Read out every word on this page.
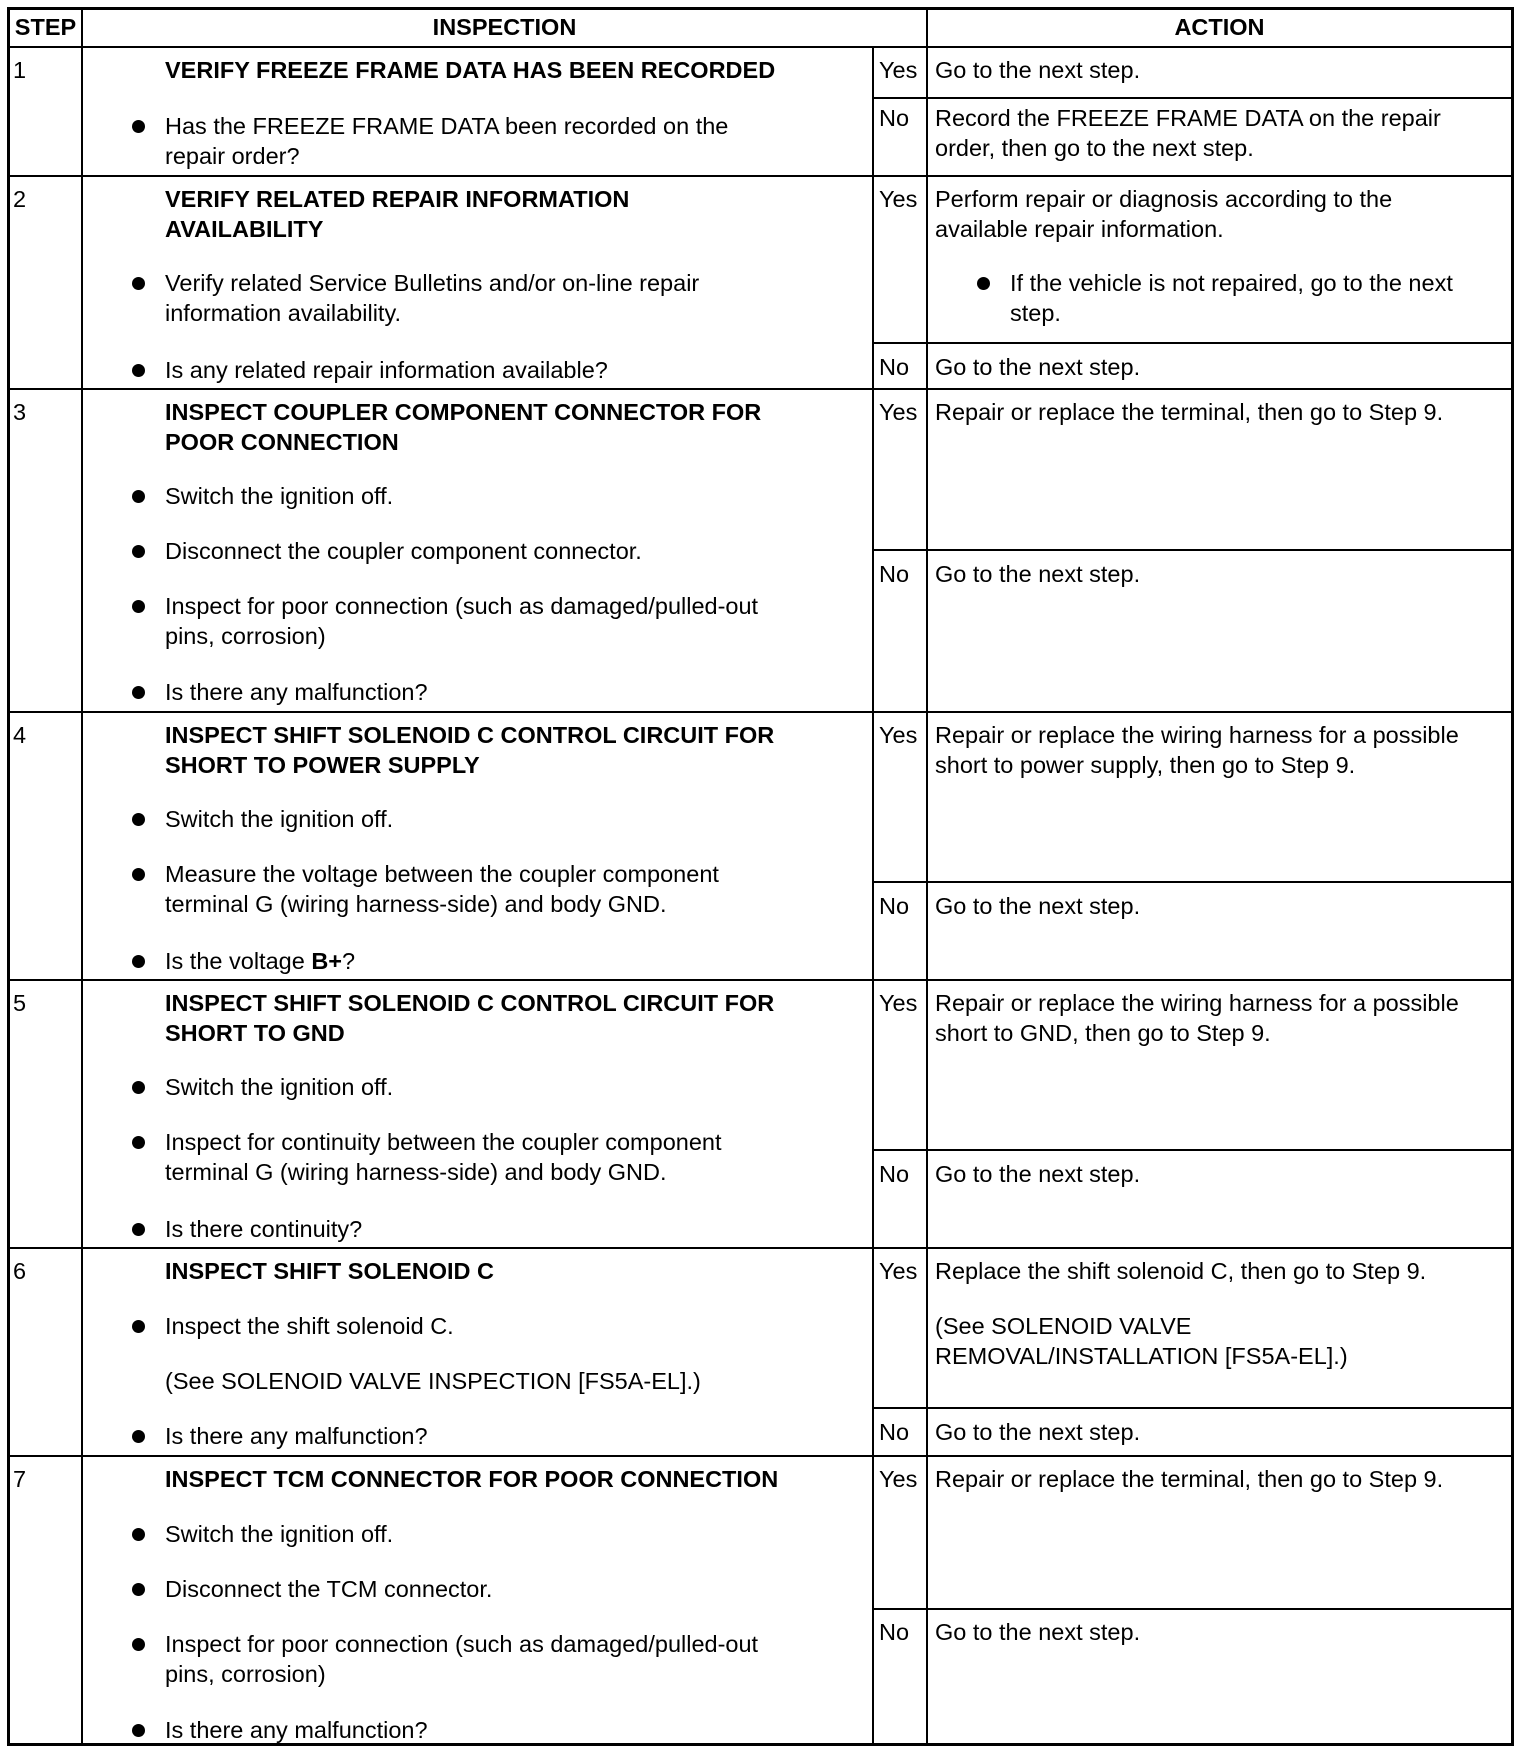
STEP	INSPECTION	ACTION
1	VERIFY FREEZE FRAME DATA HAS BEEN RECORDED
Has the FREEZE FRAME DATA been recorded on the
repair order?
Yes Go to the next step.
No Record the FREEZE FRAME DATA on the repair
order, then go to the next step.
2	VERIFY RELATED REPAIR INFORMATION
AVAILABILITY
Verify related Service Bulletins and/or on-line repair
information availability.
Is any related repair information available?
Yes Perform repair or diagnosis according to the
available repair information.
If the vehicle is not repaired, go to the next
step.
No Go to the next step.
3	INSPECT COUPLER COMPONENT CONNECTOR FOR
POOR CONNECTION
Switch the ignition off.
Disconnect the coupler component connector.
Inspect for poor connection (such as damaged/pulled-out
pins, corrosion)
Is there any malfunction?
Yes Repair or replace the terminal, then go to Step 9.
No Go to the next step.
4	INSPECT SHIFT SOLENOID C CONTROL CIRCUIT FOR
SHORT TO POWER SUPPLY
Switch the ignition off.
Measure the voltage between the coupler component
terminal G (wiring harness-side) and body GND.
Is the voltage B+?
Yes Repair or replace the wiring harness for a possible
short to power supply, then go to Step 9.
No Go to the next step.
5	INSPECT SHIFT SOLENOID C CONTROL CIRCUIT FOR
SHORT TO GND
Switch the ignition off.
Inspect for continuity between the coupler component
terminal G (wiring harness-side) and body GND.
Is there continuity?
Yes Repair or replace the wiring harness for a possible
short to GND, then go to Step 9.
No Go to the next step.
6	INSPECT SHIFT SOLENOID C
Inspect the shift solenoid C.
(See SOLENOID VALVE INSPECTION [FS5A-EL].)
Is there any malfunction?
Yes Replace the shift solenoid C, then go to Step 9.
(See SOLENOID VALVE
REMOVAL/INSTALLATION [FS5A-EL].)
No Go to the next step.
7	INSPECT TCM CONNECTOR FOR POOR CONNECTION
Switch the ignition off.
Disconnect the TCM connector.
Inspect for poor connection (such as damaged/pulled-out
pins, corrosion)
Is there any malfunction?
Yes Repair or replace the terminal, then go to Step 9.
No Go to the next step.
